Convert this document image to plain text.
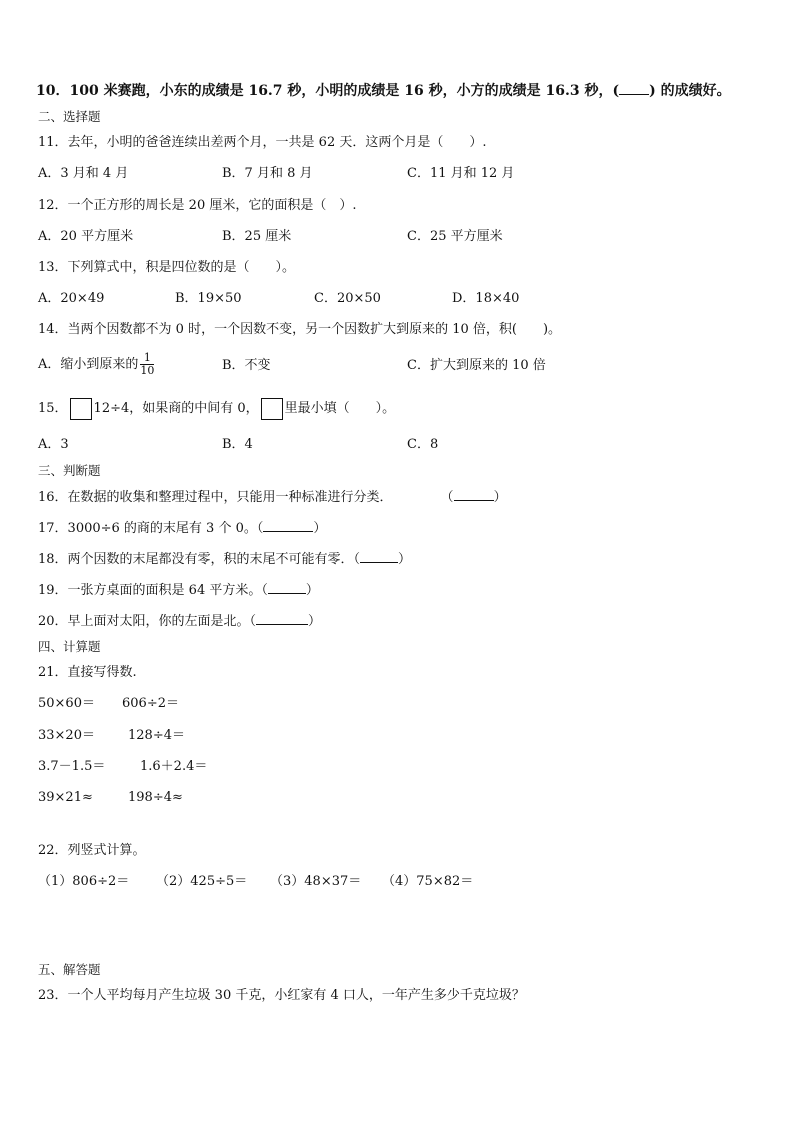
10．100 米赛跑，小东的成绩是 16.7 秒，小明的成绩是 16 秒，小方的成绩是 16.3 秒，( ) 的成绩好。
二、选择题
11．去年，小明的爸爸连续出差两个月，一共是 62 天．这两个月是（　　）.
A．3 月和 4 月	B．7 月和 8 月	C．11 月和 12 月
12．一个正方形的周长是 20 厘米，它的面积是（　）.
A．20 平方厘米	B．25 厘米	C．25 平方厘米
13．下列算式中，积是四位数的是（　　）。
A．20×49	B．19×50	C．20×50	D．18×40
14．当两个因数都不为 0 时，一个因数不变，另一个因数扩大到原来的 10 倍，积(　　)。
A．缩小到原来的 $\frac{1}{10}$	B．不变	C．扩大到原来的 10 倍
15． 12÷4，如果商的中间有 0， 里最小填（　　）。
A．3	B．4	C．8
三、判断题
16．在数据的收集和整理过程中，只能用一种标准进行分类．	（	）
17．3000÷6 的商的末尾有 3 个 0。（	）
18．两个因数的末尾都没有零，积的末尾不可能有零．（	）
19．一张方桌面的面积是 64 平方米。（	）
20．早上面对太阳，你的左面是北。（	）
四、计算题
21．直接写得数.
50×60＝ 606÷2＝
33×20＝	128÷4＝
3.7－1.5＝	1.6＋2.4＝
39×21≈	198÷4≈
22．列竖式计算。
（1）806÷2＝ （2）425÷5＝ （3）48×37＝ （4）75×82＝
五、解答题
23．一个人平均每月产生垃圾 30 千克，小红家有 4 口人，一年产生多少千克垃圾？
